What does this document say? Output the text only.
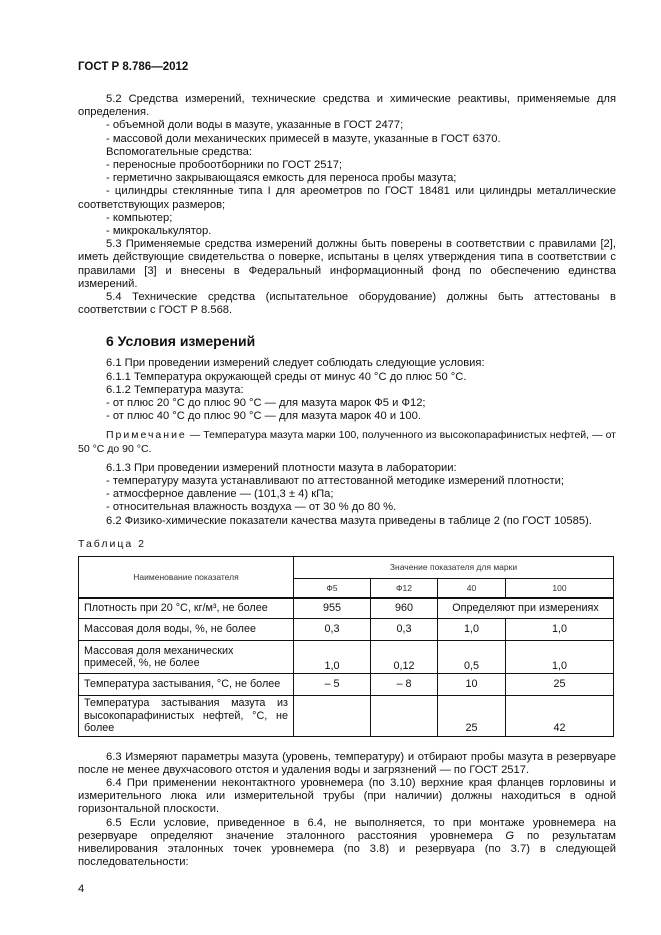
ГОСТ Р 8.786—2012

5.2 Средства измерений, технические средства и химические реактивы, применяемые для определения.

- объемной доли воды в мазуте, указанные в ГОСТ 2477;

- массовой доли механических примесей в мазуте, указанные в ГОСТ 6370.

Вспомогательные средства:

- переносные пробоотборники по ГОСТ 2517;

- герметично закрывающаяся емкость для переноса пробы мазута;

- цилиндры стеклянные типа I для ареометров по ГОСТ 18481 или цилиндры металлические соответствующих размеров;

- компьютер;

- микрокалькулятор.

5.3 Применяемые средства измерений должны быть поверены в соответствии с правилами [2], иметь действующие свидетельства о поверке, испытаны в целях утверждения типа в соответствии с правилами [3] и внесены в Федеральный информационный фонд по обеспечению единства измерений.

5.4 Технические средства (испытательное оборудование) должны быть аттестованы в соответствии с ГОСТ Р 8.568.

6 Условия измерений

6.1 При проведении измерений следует соблюдать следующие условия:

6.1.1 Температура окружающей среды от минус 40 °С до плюс 50 °С.

6.1.2 Температура мазута:

- от плюс 20 °С до плюс 90 °С — для мазута марок Ф5 и Ф12;

- от плюс 40 °С до плюс 90 °С — для мазута марок 40 и 100.

Примечание — Температура мазута марки 100, полученного из высокопарафинистых нефтей, — от 50 °С до 90 °С.

6.1.3 При проведении измерений плотности мазута в лаборатории:

- температуру мазута устанавливают по аттестованной методике измерений плотности;

- атмосферное давление — (101,3 ± 4) кПа;

- относительная влажность воздуха — от 30 % до 80 %.

6.2 Физико-химические показатели качества мазута приведены в таблице 2 (по ГОСТ 10585).

Таблица 2
Наименование показателя	Значение показателя для марки			
	Ф5	Ф12	40	100
Плотность при 20 °С, кг/м³, не более	955	960	Определяют при измерениях	
Массовая доля воды, %, не более	0,3	0,3	1,0	1,0
Массовая доля механических примесей, %, не более	1,0	0,12	0,5	1,0
Температура застывания, °С, не более	– 5	– 8	10	25
Температура застывания мазута из высокопарафинистых нефтей, °С, не более			25	42

6.3 Измеряют параметры мазута (уровень, температуру) и отбирают пробы мазута в резервуаре после не менее двухчасового отстоя и удаления воды и загрязнений — по ГОСТ 2517.

6.4 При применении неконтактного уровнемера (по 3.10) верхние края фланцев горловины и измерительного люка или измерительной трубы (при наличии) должны находиться в одной горизонтальной плоскости.

6.5 Если условие, приведенное в 6.4, не выполняется, то при монтаже уровнемера на резервуаре определяют значение эталонного расстояния уровнемера G по результатам нивелирования эталонных точек уровнемера (по 3.8) и резервуара (по 3.7) в следующей последовательности:

4
